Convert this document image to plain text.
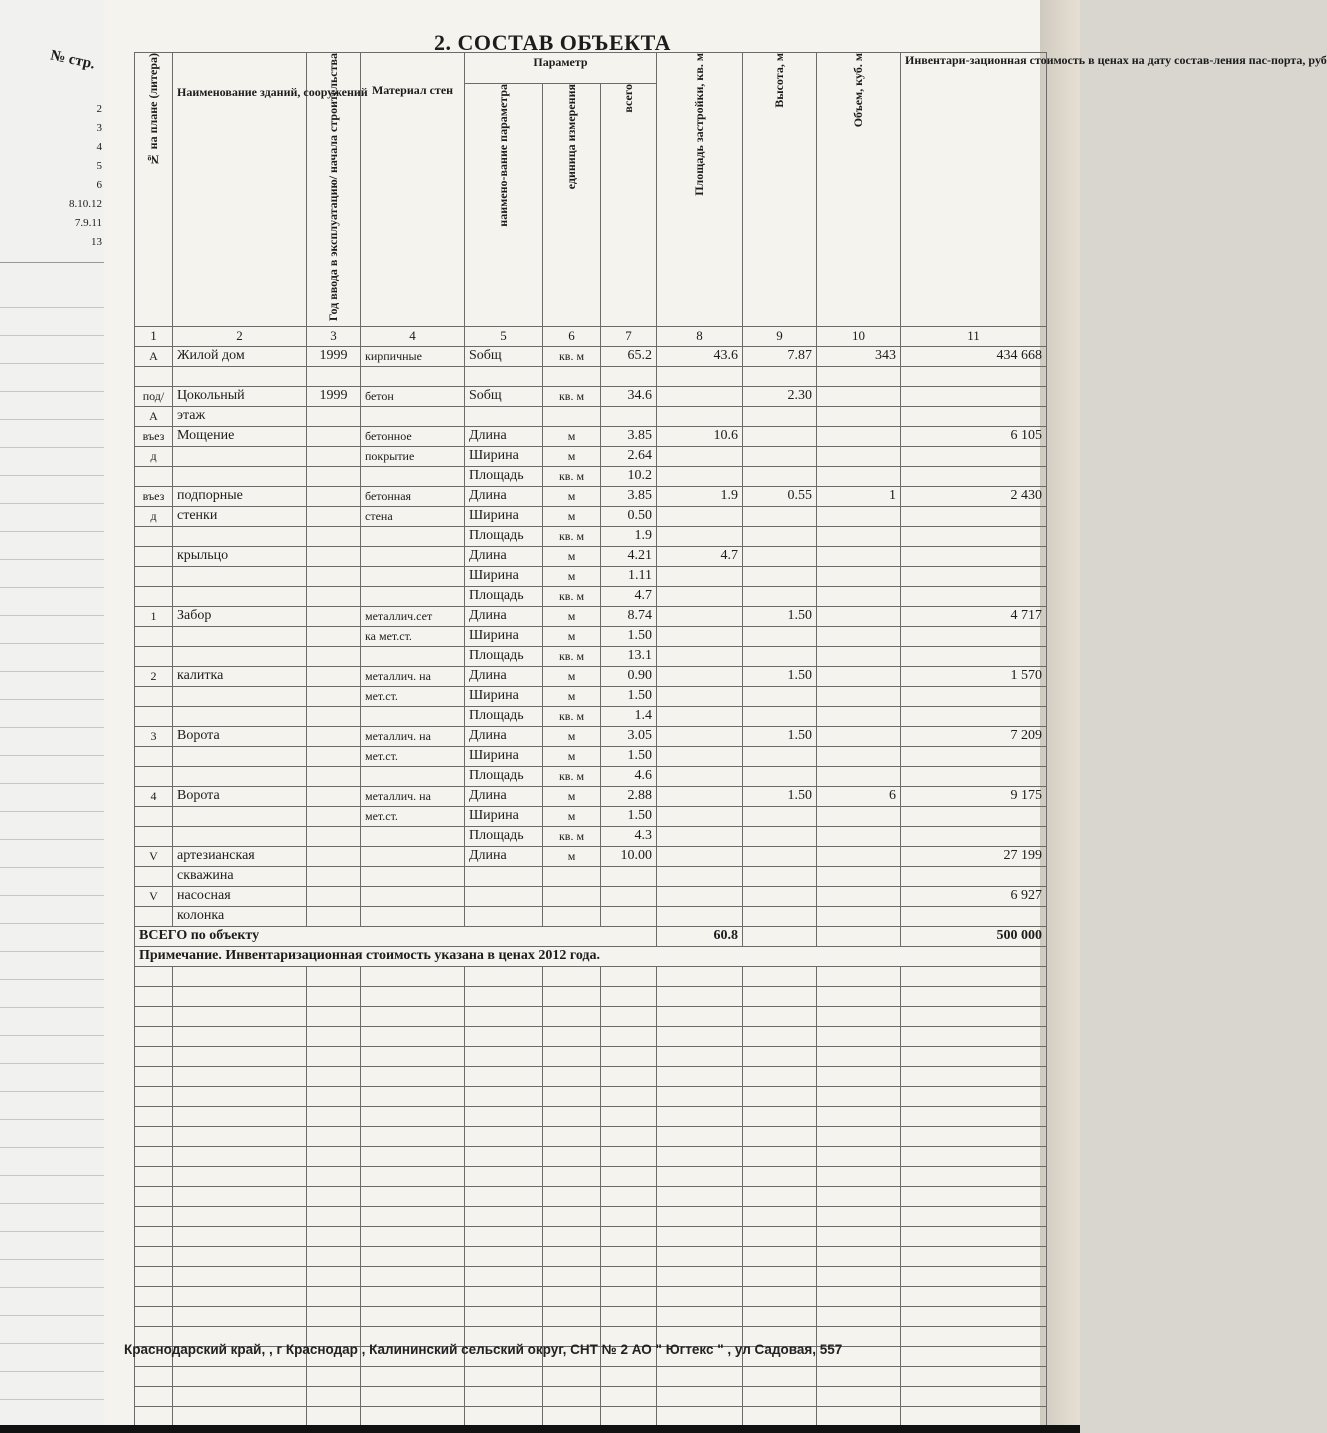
№ стр.
2
3
4
5
6
8.10.12
7.9.11
13
2. СОСТАВ ОБЪЕКТА
№ на плане (литера)	Наименование зданий, сооружений	Год ввода в эксплуатацию/ начала строительства	Материал стен	Параметр			Площадь застройки, кв. м	Высота, м	Объем, куб. м	Инвентари-зационная стоимость в ценах на дату состав-ления пас-порта, руб
				наимено-вание параметра	единица измерения	всего				
1	2	3	4	5	6	7	8	9	10	11
А	Жилой дом	1999	кирпичные	Sобщ	кв. м	65.2	43.6	7.87	343	434 668

под/	Цокольный	1999	бетон	Sобщ	кв. м	34.6		2.30		
А	этаж									
въез	Мощение		бетонное	Длина	м	3.85	10.6			6 105
д			покрытие	Ширина	м	2.64				
				Площадь	кв. м	10.2				
въез	подпорные		бетонная	Длина	м	3.85	1.9	0.55	1	2 430
д	стенки		стена	Ширина	м	0.50				
				Площадь	кв. м	1.9				
	крыльцо			Длина	м	4.21	4.7			
				Ширина	м	1.11				
				Площадь	кв. м	4.7				
1	Забор		металлич.сет	Длина	м	8.74		1.50		4 717
			ка мет.ст.	Ширина	м	1.50				
				Площадь	кв. м	13.1				
2	калитка		металлич. на	Длина	м	0.90		1.50		1 570
			мет.ст.	Ширина	м	1.50				
				Площадь	кв. м	1.4				
3	Ворота		металлич. на	Длина	м	3.05		1.50		7 209
			мет.ст.	Ширина	м	1.50				
				Площадь	кв. м	4.6				
4	Ворота		металлич. на	Длина	м	2.88		1.50	6	9 175
			мет.ст.	Ширина	м	1.50				
				Площадь	кв. м	4.3				
V	артезианская			Длина	м	10.00				27 199
	скважина									
V	насосная									6 927
	колонка									
ВСЕГО по объекту							60.8			500 000
Примечание. Инвентаризационная стоимость указана в ценах 2012 года.										

Краснодарский край, , г Краснодар , Калининский сельский округ, СНТ № 2 АО " Югтекс " , ул Садовая, 557
